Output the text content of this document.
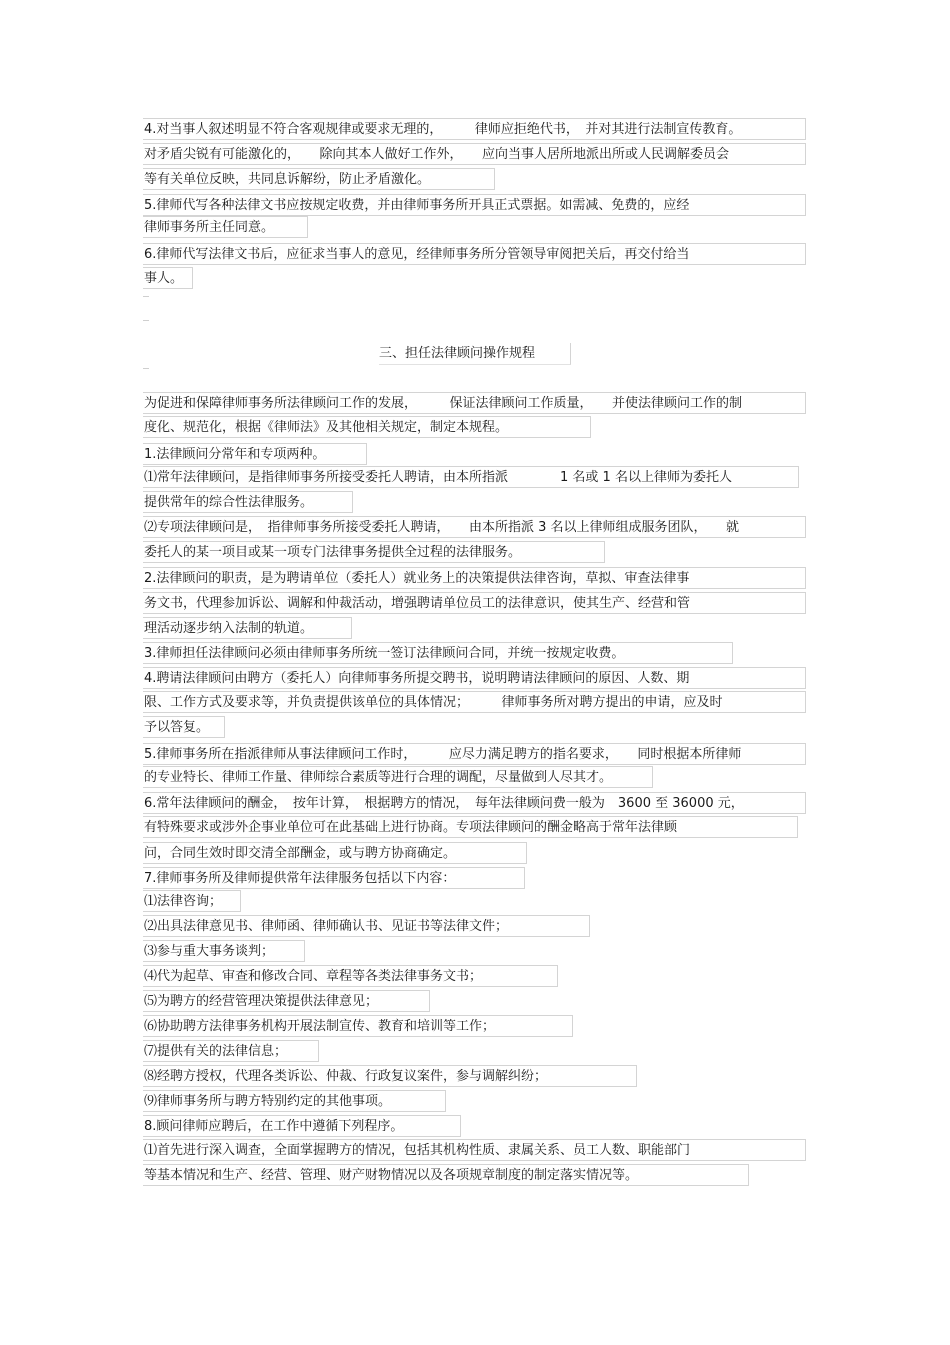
4.对当事人叙述明显不符合客观规律或要求无理的，　　　律师应拒绝代书，　并对其进行法制宣传教育。
对矛盾尖锐有可能激化的，　　除向其本人做好工作外，　　应向当事人居所地派出所或人民调解委员会
等有关单位反映，共同息诉解纷，防止矛盾激化。
5.律师代写各种法律文书应按规定收费，并由律师事务所开具正式票据。如需减、免费的，应经
律师事务所主任同意。
6.律师代写法律文书后，应征求当事人的意见，经律师事务所分管领导审阅把关后，再交付给当
事人。
三、担任法律顾问操作规程
为促进和保障律师事务所法律顾问工作的发展，　　　保证法律顾问工作质量，　　并使法律顾问工作的制
度化、规范化，根据《律师法》及其他相关规定，制定本规程。
1.法律顾问分常年和专项两种。
⑴常年法律顾问，是指律师事务所接受委托人聘请，由本所指派　　　　1 名或 1 名以上律师为委托人
提供常年的综合性法律服务。
⑵专项法律顾问是，　指律师事务所接受委托人聘请，　　由本所指派 3 名以上律师组成服务团队，　　就
委托人的某一项目或某一项专门法律事务提供全过程的法律服务。
2.法律顾问的职责，是为聘请单位（委托人）就业务上的决策提供法律咨询，草拟、审查法律事
务文书，代理参加诉讼、调解和仲裁活动，增强聘请单位员工的法律意识，使其生产、经营和管
理活动逐步纳入法制的轨道。
3.律师担任法律顾问必须由律师事务所统一签订法律顾问合同，并统一按规定收费。
4.聘请法律顾问由聘方（委托人）向律师事务所提交聘书，说明聘请法律顾问的原因、人数、期
限、工作方式及要求等，并负责提供该单位的具体情况；　　　律师事务所对聘方提出的申请，应及时
予以答复。
5.律师事务所在指派律师从事法律顾问工作时，　　　应尽力满足聘方的指名要求，　　同时根据本所律师
的专业特长、律师工作量、律师综合素质等进行合理的调配，尽量做到人尽其才。
6.常年法律顾问的酬金，　按年计算，　根据聘方的情况，　每年法律顾问费一般为　3600 至 36000 元，
有特殊要求或涉外企事业单位可在此基础上进行协商。专项法律顾问的酬金略高于常年法律顾
问，合同生效时即交清全部酬金，或与聘方协商确定。
7.律师事务所及律师提供常年法律服务包括以下内容：
⑴法律咨询；
⑵出具法律意见书、律师函、律师确认书、见证书等法律文件；
⑶参与重大事务谈判；
⑷代为起草、审查和修改合同、章程等各类法律事务文书；
⑸为聘方的经营管理决策提供法律意见；
⑹协助聘方法律事务机构开展法制宣传、教育和培训等工作；
⑺提供有关的法律信息；
⑻经聘方授权，代理各类诉讼、仲裁、行政复议案件，参与调解纠纷；
⑼律师事务所与聘方特别约定的其他事项。
8.顾问律师应聘后，在工作中遵循下列程序。
⑴首先进行深入调查，全面掌握聘方的情况，包括其机构性质、隶属关系、员工人数、职能部门
等基本情况和生产、经营、管理、财产财物情况以及各项规章制度的制定落实情况等。
